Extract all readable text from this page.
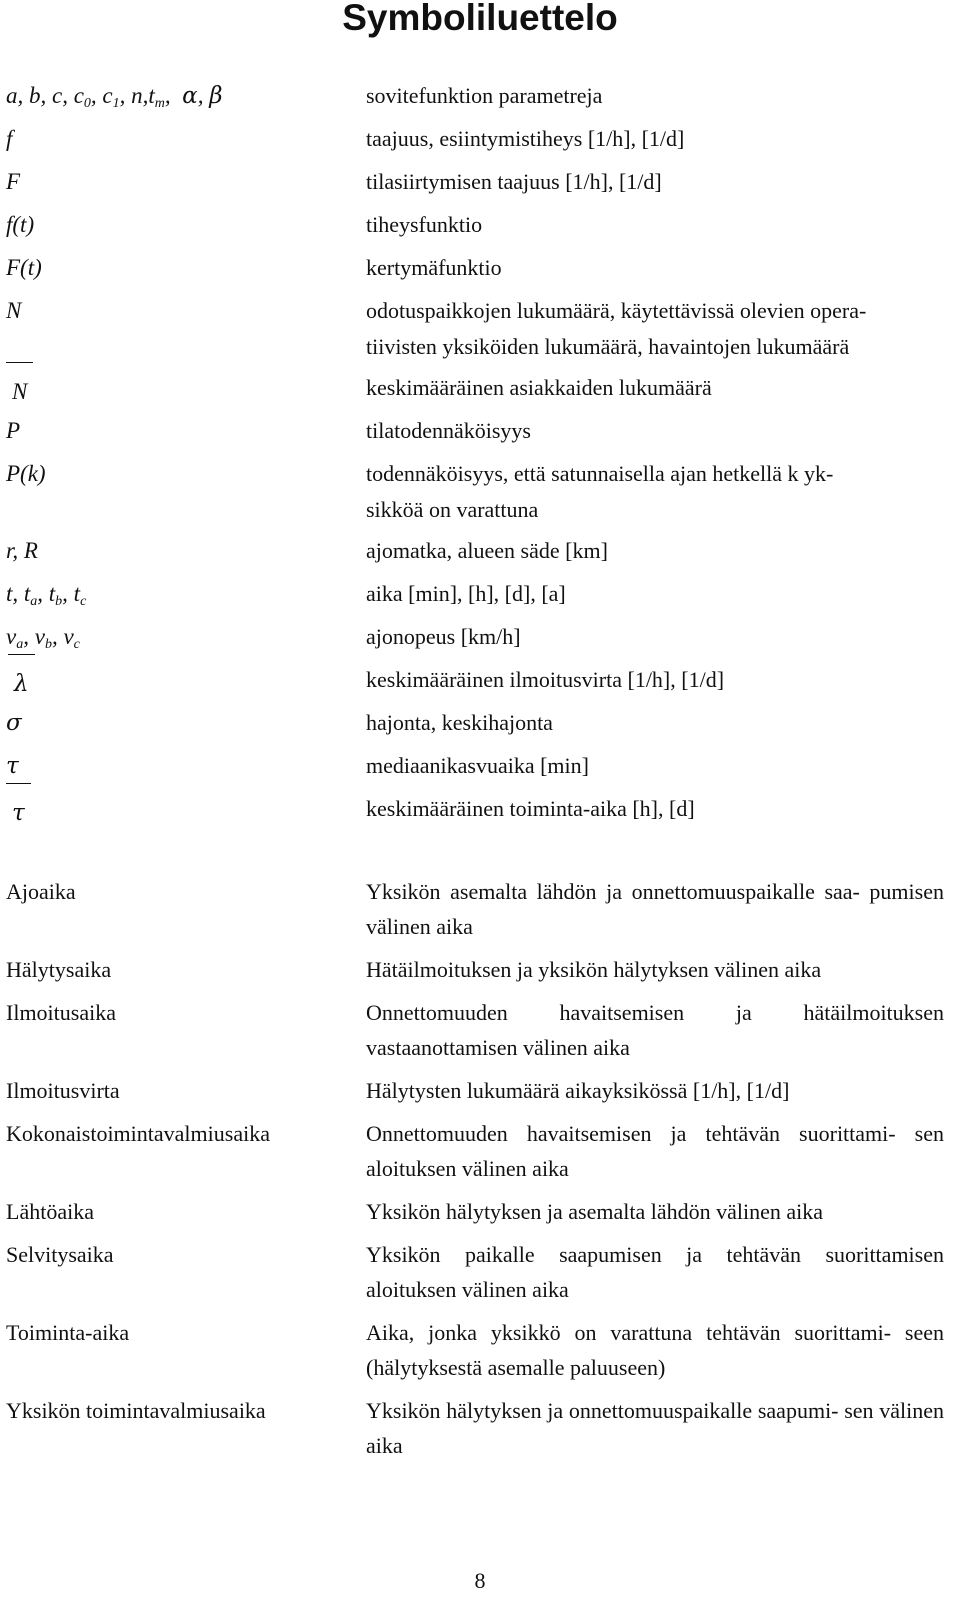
Symboliluettelo
a, b, c, $c_0$, $c_1$, $n,t_m$,  α, β	sovitefunktion parametreja
f	taajuus, esiintymistiheys [1/h], [1/d]
F	tilasiirtymisen taajuus [1/h], [1/d]
f(t)	tiheysfunktio
F(t)	kertymäfunktio
N	odotuspaikkojen lukumäärä, käytettävissä olevien opera-
tiivisten yksiköiden lukumäärä, havaintojen lukumäärä
N	keskimääräinen asiakkaiden lukumäärä
P	tilatodennäköisyys
P(k)	todennäköisyys, että satunnaisella ajan hetkellä k yk-
sikköä on varattuna
r, R	ajomatka, alueen säde [km]
t, $t_a$, $t_b$, $t_c$	aika [min], [h], [d], [a]
$v_a$, $v_b$, $v_c$	ajonopeus [km/h]
λ	keskimääräinen ilmoitusvirta [1/h], [1/d]
σ	hajonta, keskihajonta
τ	mediaanikasvuaika [min]
τ	keskimääräinen toiminta-aika [h], [d]
Ajoaika	Yksikön asemalta lähdön ja onnettomuuspaikalle saa- pumisen välinen aika
Hälytysaika	Hätäilmoituksen ja yksikön hälytyksen välinen aika
Ilmoitusaika	Onnettomuuden havaitsemisen ja hätäilmoituksen vastaanottamisen välinen aika
Ilmoitusvirta	Hälytysten lukumäärä aikayksikössä [1/h], [1/d]
Kokonaistoimintavalmiusaika	Onnettomuuden havaitsemisen ja tehtävän suorittami- sen aloituksen välinen aika
Lähtöaika	Yksikön hälytyksen ja asemalta lähdön välinen aika
Selvitysaika	Yksikön paikalle saapumisen ja tehtävän suorittamisen aloituksen välinen aika
Toiminta-aika	Aika, jonka yksikkö on varattuna tehtävän suorittami- seen (hälytyksestä asemalle paluuseen)
Yksikön toimintavalmiusaika	Yksikön hälytyksen ja onnettomuuspaikalle saapumi- sen välinen aika
8
